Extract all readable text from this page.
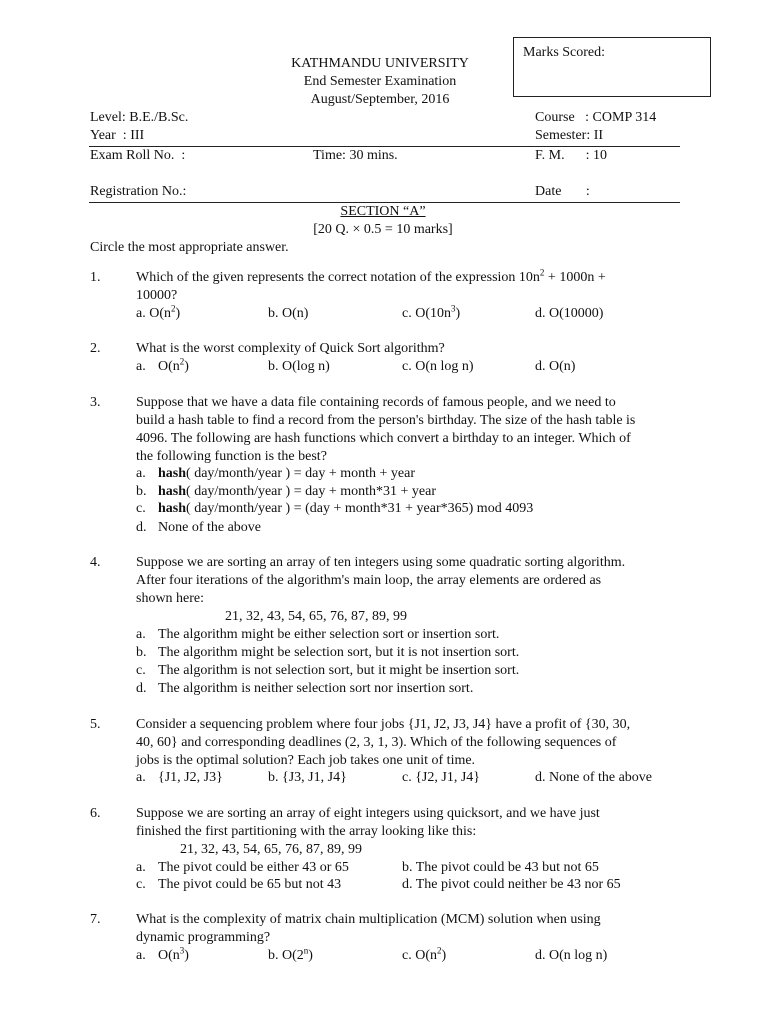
Marks Scored:
KATHMANDU UNIVERSITY
End Semester Examination
August/September, 2016
Level: B.E./B.Sc.
Year  : III
Course   : COMP 314
Semester: II
Exam Roll No.  :	Time: 30 mins.	F. M.      : 10
Registration No.:	Date       :
SECTION “A”
[20 Q. × 0.5 = 10 marks]
Circle the most appropriate answer.
1.	Which of the given represents the correct notation of the expression $10n^2 + 1000n$ +
10000?
a. $O(n^2)$	b. O(n)	c. $O(10n^3)$	d. O(10000)
2.	What is the worst complexity of Quick Sort algorithm?
a. $O(n^2)$	b. O(log n)	c. O(n log n)	d. O(n)
3.	Suppose that we have a data file containing records of famous people, and we need to
build a hash table to find a record from the person's birthday. The size of the hash table is
4096. The following are hash functions which convert a birthday to an integer. Which of
the following function is the best?
a. hash( day/month/year ) = day + month + year
b. hash( day/month/year ) = day + month*31 + year
c. hash( day/month/year ) = (day + month*31 + year*365) mod 4093
d. None of the above
4.	Suppose we are sorting an array of ten integers using some quadratic sorting algorithm.
After four iterations of the algorithm's main loop, the array elements are ordered as
shown here:
21, 32, 43, 54, 65, 76, 87, 89, 99
a. The algorithm might be either selection sort or insertion sort.
b. The algorithm might be selection sort, but it is not insertion sort.
c. The algorithm is not selection sort, but it might be insertion sort.
d. The algorithm is neither selection sort nor insertion sort.
5.	Consider a sequencing problem where four jobs {J1, J2, J3, J4} have a profit of {30, 30,
40, 60} and corresponding deadlines (2, 3, 1, 3). Which of the following sequences of
jobs is the optimal solution? Each job takes one unit of time.
a. {J1, J2, J3}	b. {J3, J1, J4}	c. {J2, J1, J4}	d. None of the above
6.	Suppose we are sorting an array of eight integers using quicksort, and we have just
finished the first partitioning with the array looking like this:
21, 32, 43, 54, 65, 76, 87, 89, 99
a. The pivot could be either 43 or 65	b. The pivot could be 43 but not 65
c. The pivot could be 65 but not 43	d. The pivot could neither be 43 nor 65
7.	What is the complexity of matrix chain multiplication (MCM) solution when using
dynamic programming?
a. $O(n^3)$	b. O(2$^n$)	c. $O(n^2)$	d. O(n log n)
